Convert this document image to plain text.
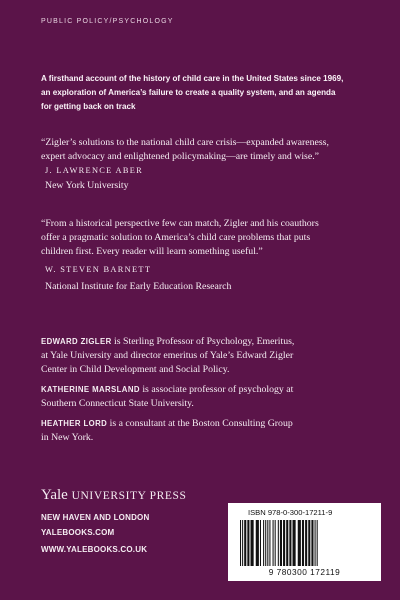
PUBLIC POLICY/PSYCHOLOGY
A firsthand account of the history of child care in the United States since 1969,
an exploration of America’s failure to create a quality system, and an agenda
for getting back on track
“Zigler’s solutions to the national child care crisis—expanded awareness,
expert advocacy and enlightened policymaking—are timely and wise.”
J. LAWRENCE ABER
New York University
“From a historical perspective few can match, Zigler and his coauthors
offer a pragmatic solution to America’s child care problems that puts
children first. Every reader will learn something useful.”
W. STEVEN BARNETT
National Institute for Early Education Research
EDWARD ZIGLER is Sterling Professor of Psychology, Emeritus,
at Yale University and director emeritus of Yale’s Edward Zigler
Center in Child Development and Social Policy.
KATHERINE MARSLAND is associate professor of psychology at
Southern Connecticut State University.
HEATHER LORD is a consultant at the Boston Consulting Group
in New York.
Yale UNIVERSITY PRESS
NEW HAVEN AND LONDON
YALEBOOKS.COM
WWW.YALEBOOKS.CO.UK
ISBN 978-0-300-17211-9
9 780300 172119
